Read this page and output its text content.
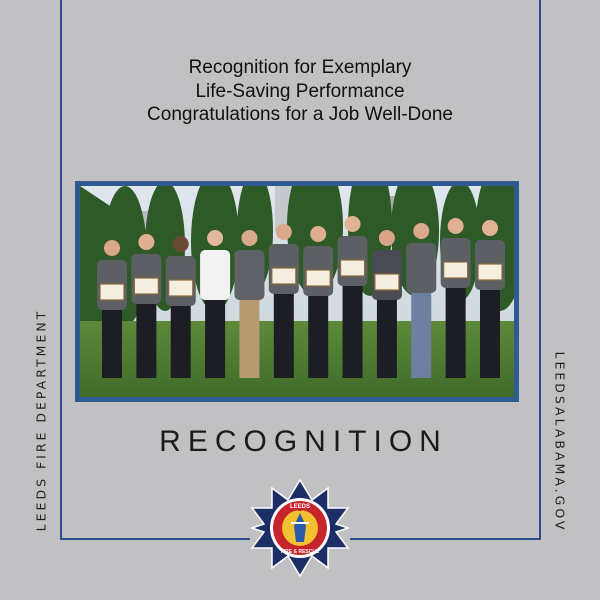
Recognition for Exemplary
Life-Saving Performance
Congratulations for a Job Well-Done
RECOGNITION
LEEDS FIRE DEPARTMENT	LEEDSALABAMA.GOV
LEEDS
FIRE & RESCUE
